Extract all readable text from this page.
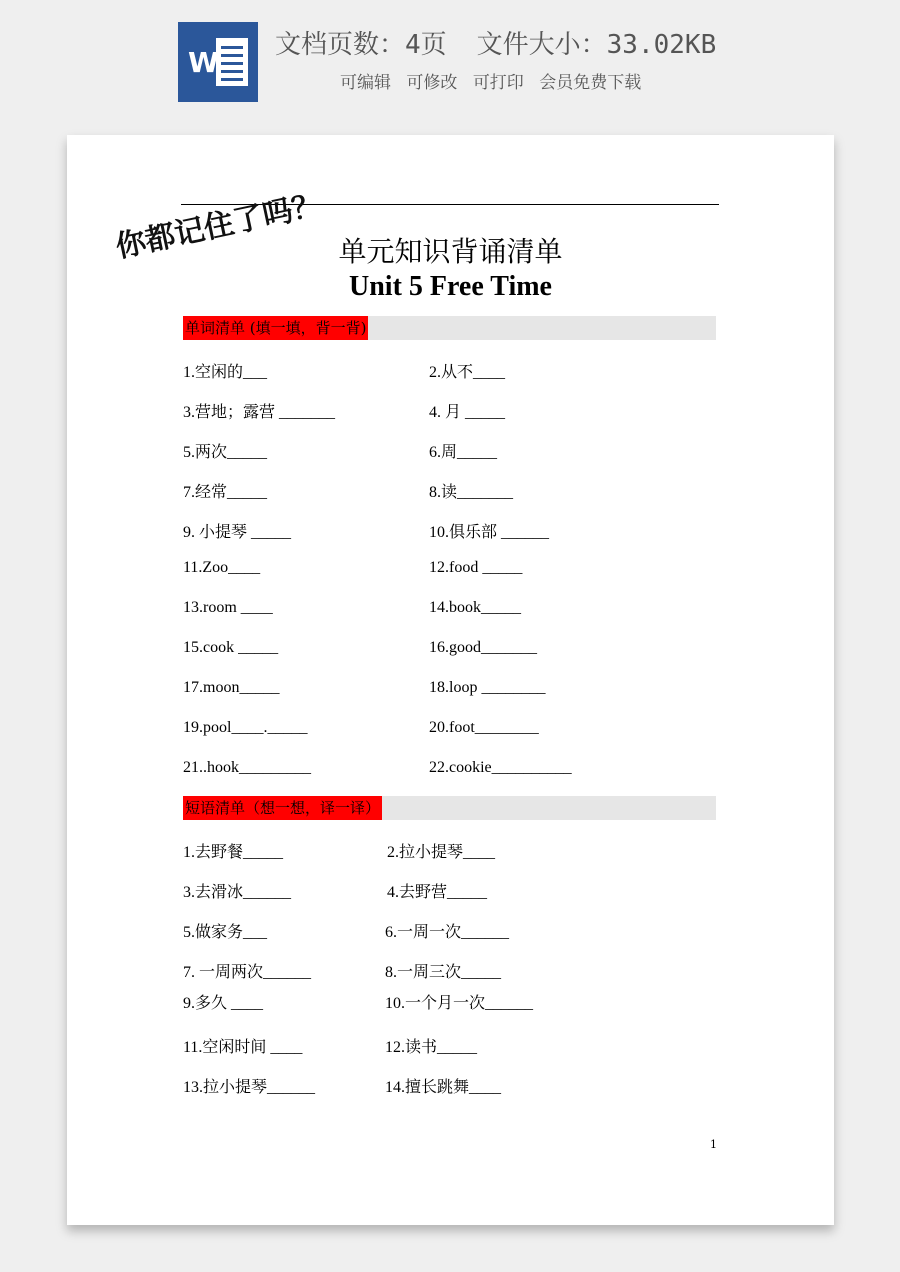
W
文档页数：4页 文件大小：33.02KB
可编辑 可修改 可打印 会员免费下载
你都记住了吗？ 单元知识背诵清单
Unit 5 Free Time
单词清单 (填一填，背一背)
1.空闲的___	2.从不____
3.营地；露营 _______	4. 月 _____
5.两次_____	6.周_____
7.经常_____	8.读_______
9. 小提琴 _____	10.俱乐部 ______
11.Zoo____	12.food _____
13.room ____	14.book_____
15.cook _____	16.good_______
17.moon_____	18.loop ________
19.pool____._____	20.foot________
21..hook_________	22.cookie__________
短语清单（想一想，译一译）
1.去野餐_____	2.拉小提琴____
3.去滑冰______	4.去野营_____
5.做家务___	6.一周一次______
7. 一周两次______	8.一周三次_____
9.多久 ____	10.一个月一次______
11.空闲时间 ____	12.读书_____
13.拉小提琴______	14.擅长跳舞____
1
